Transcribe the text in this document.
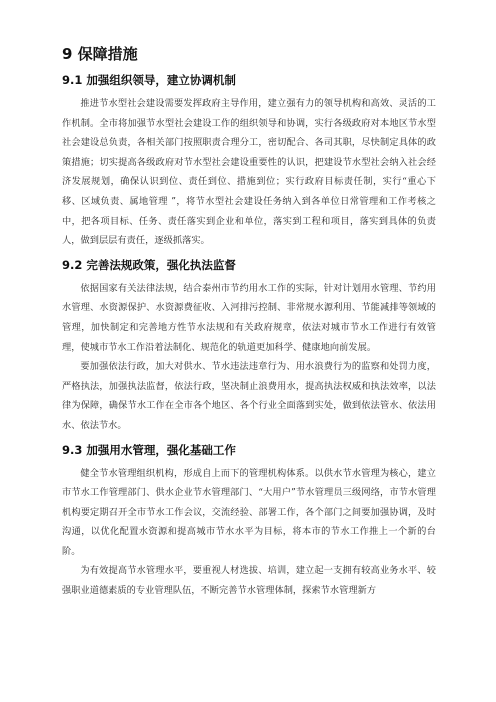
9 保障措施
9.1 加强组织领导，建立协调机制

推进节水型社会建设需要发挥政府主导作用，建立强有力的领导机构和高效、灵活的工作机制。全市将加强节水型社会建设工作的组织领导和协调，实行各级政府对本地区节水型社会建设总负责，各相关部门按照职责合理分工，密切配合、各司其职，尽快制定具体的政策措施；切实提高各级政府对节水型社会建设重要性的认识，把建设节水型社会纳入社会经济发展规划，确保认识到位、责任到位、措施到位；实行政府目标责任制，实行“重心下移、区域负责、属地管理 ”，将节水型社会建设任务纳入到各单位日常管理和工作考核之中，把各项目标、任务、责任落实到企业和单位，落实到工程和项目，落实到具体的负责人，做到层层有责任，逐级抓落实。

9.2 完善法规政策，强化执法监督

依据国家有关法律法规，结合泰州市节约用水工作的实际，针对计划用水管理、节约用水管理、水资源保护、水资源费征收、入河排污控制、非常规水源利用、节能减排等领域的管理，加快制定和完善地方性节水法规和有关政府规章，依法对城市节水工作进行有效管理，使城市节水工作沿着法制化、规范化的轨道更加科学、健康地向前发展。

要加强依法行政，加大对供水、节水违法违章行为、用水浪费行为的监察和处罚力度，严格执法，加强执法监督，依法行政，坚决制止浪费用水，提高执法权威和执法效率，以法律为保障，确保节水工作在全市各个地区、各个行业全面落到实处，做到依法管水、依法用水、依法节水。

9.3 加强用水管理，强化基础工作

健全节水管理组织机构，形成自上而下的管理机构体系。以供水节水管理为核心，建立市节水工作管理部门、供水企业节水管理部门、“大用户”节水管理员三级网络，市节水管理机构要定期召开全市节水工作会议，交流经验、部署工作，各个部门之间要加强协调，及时沟通，以优化配置水资源和提高城市节水水平为目标，将本市的节水工作推上一个新的台阶。

为有效提高节水管理水平，要重视人材选拔、培训，建立起一支拥有较高业务水平、较强职业道德素质的专业管理队伍，不断完善节水管理体制，探索节水管理新方
